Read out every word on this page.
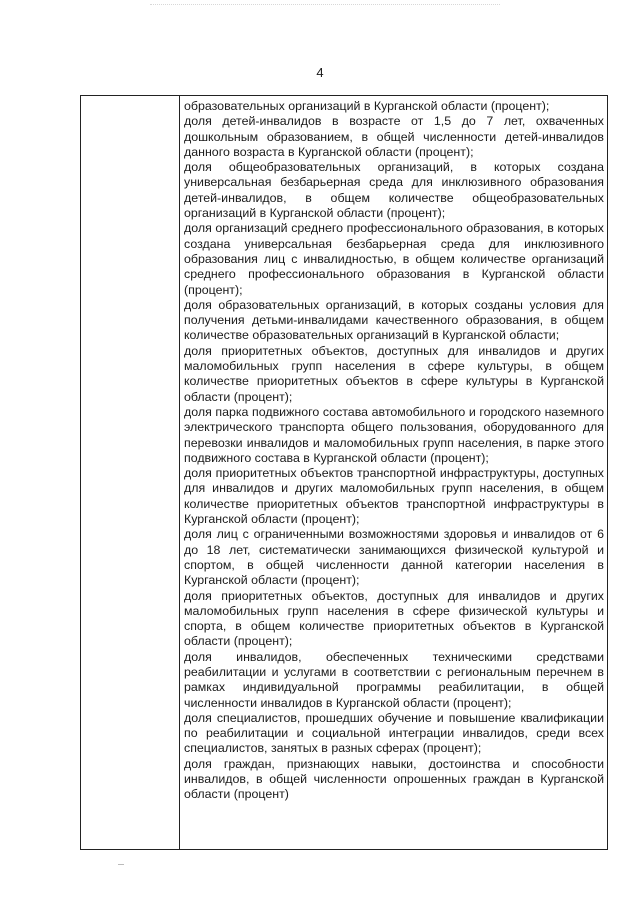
4

образовательных организаций в Курганской области (процент);

доля детей-инвалидов в возрасте от 1,5 до 7 лет, охваченных дошкольным образованием, в общей численности детей-инвалидов данного возраста в Курганской области (процент);

доля общеобразовательных организаций, в которых создана универсальная безбарьерная среда для инклюзивного образования детей-инвалидов, в общем количестве общеобразовательных организаций в Курганской области (процент);

доля организаций среднего профессионального образования, в которых создана универсальная безбарьерная среда для инклюзивного образования лиц с инвалидностью, в общем количестве организаций среднего профессионального образования в Курганской области (процент);

доля образовательных организаций, в которых созданы условия для получения детьми-инвалидами качественного образования, в общем количестве образовательных организаций в Курганской области;

доля приоритетных объектов, доступных для инвалидов и других маломобильных групп населения в сфере культуры, в общем количестве приоритетных объектов в сфере культуры в Курганской области (процент);

доля парка подвижного состава автомобильного и городского наземного электрического транспорта общего пользования, оборудованного для перевозки инвалидов и маломобильных групп населения, в парке этого подвижного состава в Курганской области (процент);

доля приоритетных объектов транспортной инфраструктуры, доступных для инвалидов и других маломобильных групп населения, в общем количестве приоритетных объектов транспортной инфраструктуры в Курганской области (процент);

доля лиц с ограниченными возможностями здоровья и инвалидов от 6 до 18 лет, систематически занимающихся физической культурой и спортом, в общей численности данной категории населения в Курганской области (процент);

доля приоритетных объектов, доступных для инвалидов и других маломобильных групп населения в сфере физической культуры и спорта, в общем количестве приоритетных объектов в Курганской области (процент);

доля инвалидов, обеспеченных техническими средствами реабилитации и услугами в соответствии с региональным перечнем в рамках индивидуальной программы реабилитации, в общей численности инвалидов в Курганской области (процент);

доля специалистов, прошедших обучение и повышение квалификации по реабилитации и социальной интеграции инвалидов, среди всех специалистов, занятых в разных сферах (процент);

доля граждан, признающих навыки, достоинства и способности инвалидов, в общей численности опрошенных граждан в Курганской области (процент)
